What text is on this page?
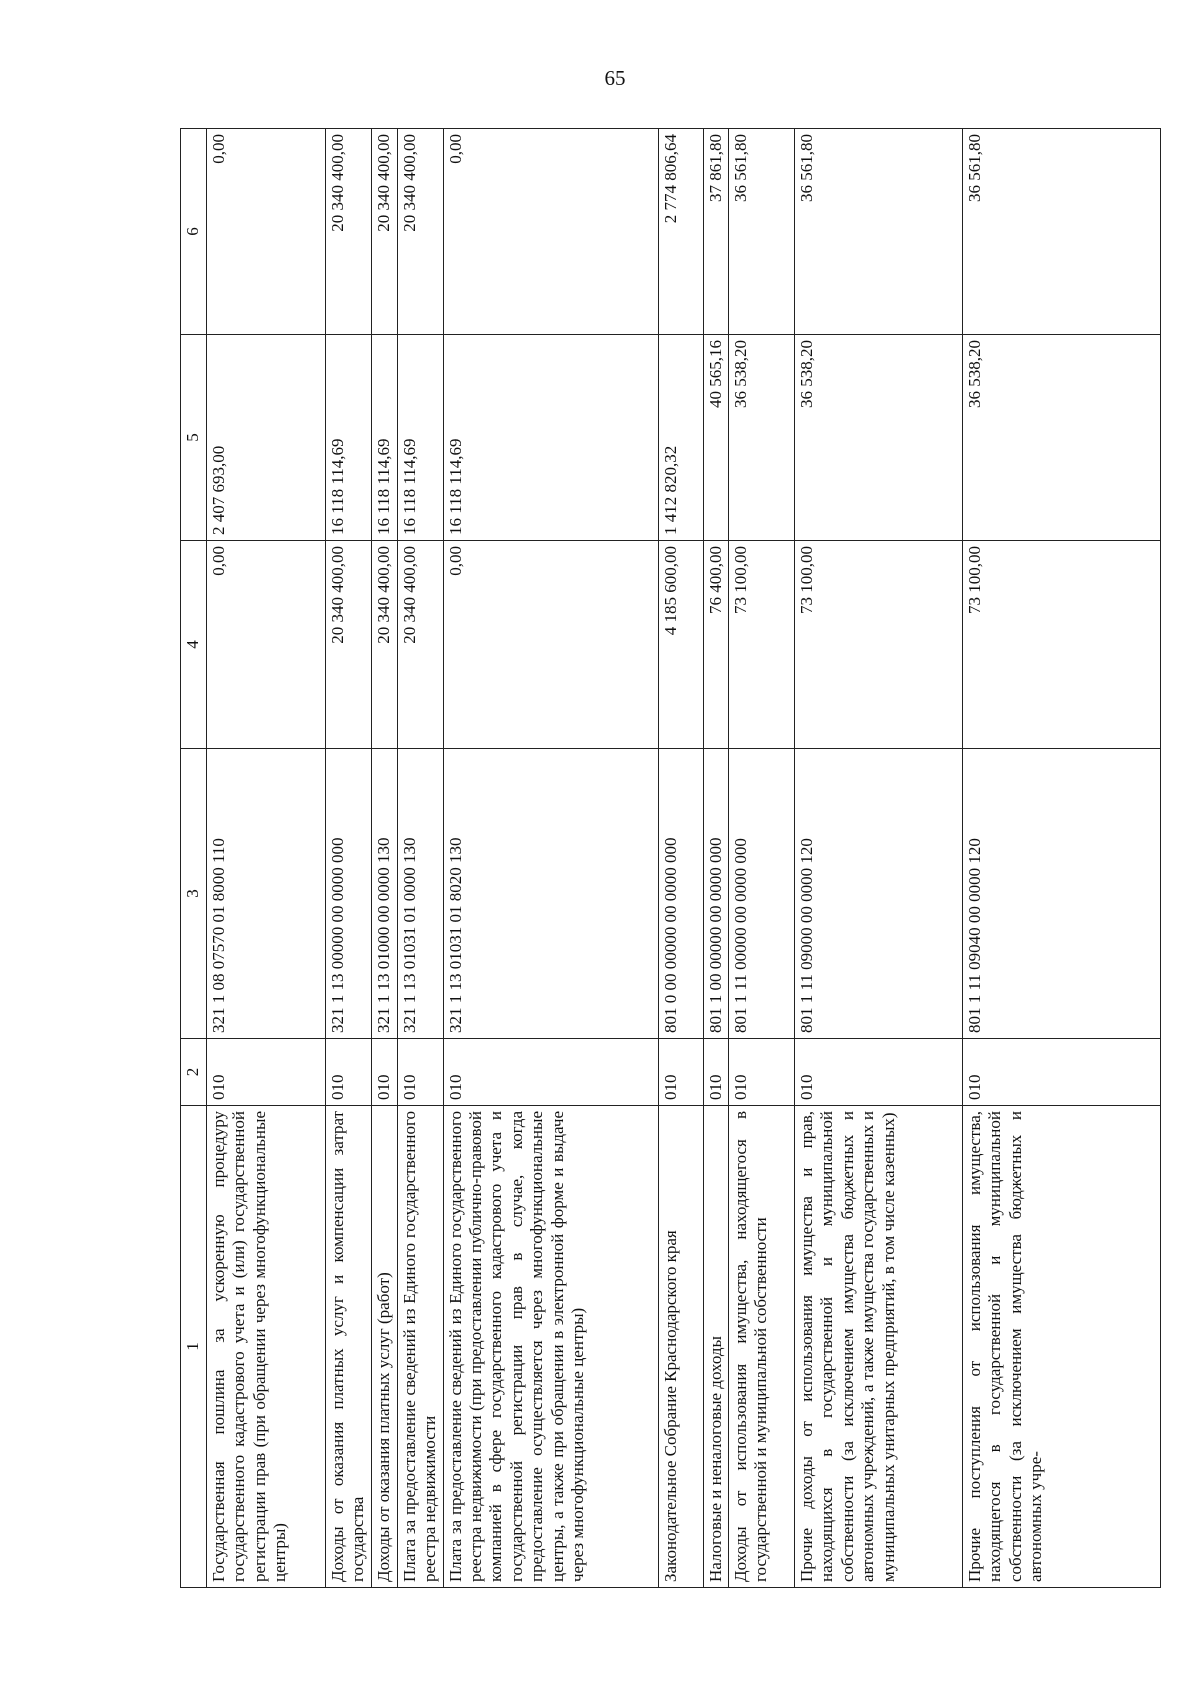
65
1	2	3	4	5	6
Государственная пошлина за ускоренную процедуру государственного кадастрового учета и (или) государственной регистрации прав (при обращении через многофункциональные центры)	010	321 1 08 07570 01 8000 110	0,00	2 407 693,00	0,00
Доходы от оказания платных услуг и компенсации затрат государства	010	321 1 13 00000 00 0000 000	20 340 400,00	16 118 114,69	20 340 400,00
Доходы от оказания платных услуг (работ)	010	321 1 13 01000 00 0000 130	20 340 400,00	16 118 114,69	20 340 400,00
Плата за предоставление сведений из Единого государственного реестра недвижимости	010	321 1 13 01031 01 0000 130	20 340 400,00	16 118 114,69	20 340 400,00
Плата за предоставление сведений из Единого государственного реестра недвижимости (при предоставлении публично-правовой компанией в сфере государственного кадастрового учета и государственной регистрации прав в случае, когда предоставление осуществляется через многофункциональные центры, а также при обращении в электронной форме и выдаче через многофункциональные центры)	010	321 1 13 01031 01 8020 130	0,00	16 118 114,69	0,00
Законодательное Собрание Краснодарского края	010	801 0 00 00000 00 0000 000	4 185 600,00	1 412 820,32	2 774 806,64
Налоговые и неналоговые доходы	010	801 1 00 00000 00 0000 000	76 400,00	40 565,16	37 861,80
Доходы от использования имущества, находящегося в государственной и муниципальной собственности	010	801 1 11 00000 00 0000 000	73 100,00	36 538,20	36 561,80
Прочие доходы от использования имущества и прав, находящихся в государственной и муниципальной собственности (за исключением имущества бюджетных и автономных учреждений, а также имущества государственных и муниципальных унитарных предприятий, в том числе казенных)	010	801 1 11 09000 00 0000 120	73 100,00	36 538,20	36 561,80
Прочие поступления от использования имущества, находящегося в государственной и муниципальной собственности (за исключением имущества бюджетных и автономных учре-	010	801 1 11 09040 00 0000 120	73 100,00	36 538,20	36 561,80
